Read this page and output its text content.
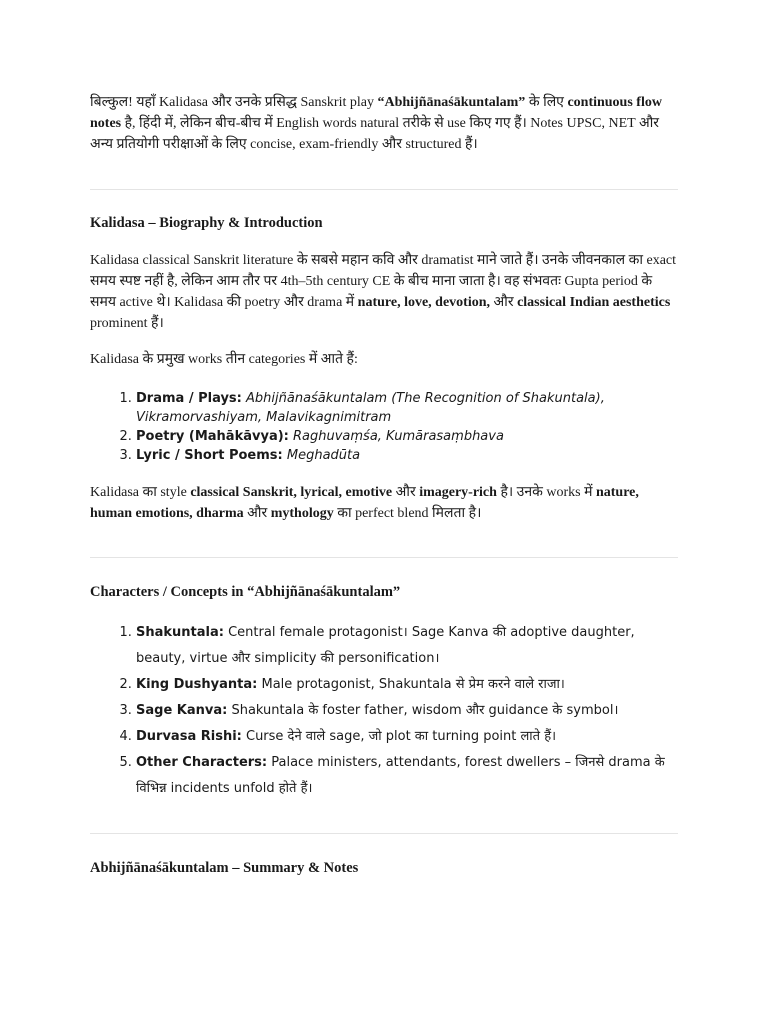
बिल्कुल! यहाँ Kalidasa और उनके प्रसिद्ध Sanskrit play “Abhijñānaśākuntalam” के लिए continuous flow notes है, हिंदी में, लेकिन बीच-बीच में English words natural तरीके से use किए गए हैं। Notes UPSC, NET और अन्य प्रतियोगी परीक्षाओं के लिए concise, exam-friendly और structured हैं।

Kalidasa – Biography & Introduction

Kalidasa classical Sanskrit literature के सबसे महान कवि और dramatist माने जाते हैं। उनके जीवनकाल का exact समय स्पष्ट नहीं है, लेकिन आम तौर पर 4th–5th century CE के बीच माना जाता है। वह संभवतः Gupta period के समय active थे। Kalidasa की poetry और drama में nature, love, devotion, और classical Indian aesthetics prominent हैं।

Kalidasa के प्रमुख works तीन categories में आते हैं:

1. Drama / Plays: Abhijñānaśākuntalam (The Recognition of Shakuntala), Vikramorvashiyam, Malavikagnimitram
2. Poetry (Mahākāvya): Raghuvaṃśa, Kumārasaṃbhava
3. Lyric / Short Poems: Meghadūta

Kalidasa का style classical Sanskrit, lyrical, emotive और imagery-rich है। उनके works में nature, human emotions, dharma और mythology का perfect blend मिलता है।

Characters / Concepts in “Abhijñānaśākuntalam”
1. Shakuntala: Central female protagonist। Sage Kanva की adoptive daughter, beauty, virtue और simplicity की personification।
2. King Dushyanta: Male protagonist, Shakuntala से प्रेम करने वाले राजा।
3. Sage Kanva: Shakuntala के foster father, wisdom और guidance के symbol।
4. Durvasa Rishi: Curse देने वाले sage, जो plot का turning point लाते हैं।
5. Other Characters: Palace ministers, attendants, forest dwellers – जिनसे drama के विभिन्न incidents unfold होते हैं।
Abhijñānaśākuntalam – Summary & Notes
